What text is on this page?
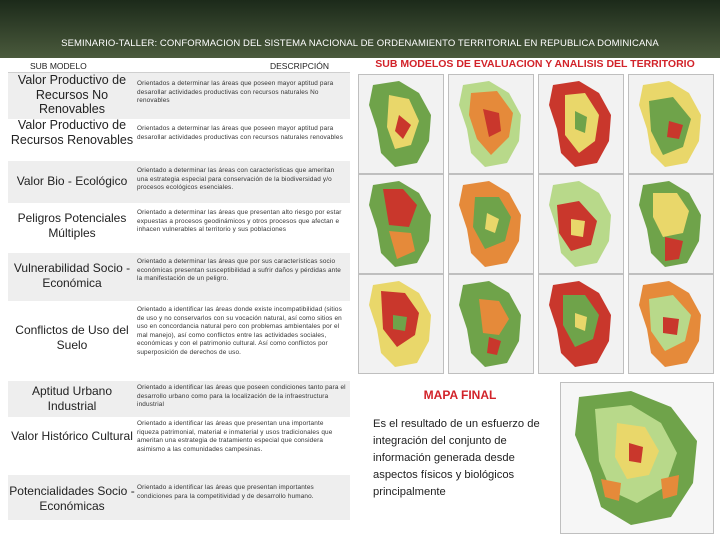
SEMINARIO-TALLER: CONFORMACION DEL SISTEMA NACIONAL DE ORDENAMIENTO TERRITORIAL EN REPUBLICA DOMINICANA
SUB MODELO	DESCRIPCIÓN
Valor Productivo de Recursos No Renovables
Orientados a determinar las áreas que poseen mayor aptitud para desarollar actividades productivas con recursos naturales No renovables
Valor Productivo de Recursos Renovables
Orientados a determinar las áreas que poseen mayor aptitud para desarollar actividades productivas con recursos naturales renovables
Valor Bio - Ecológico
Orientado a determinar las áreas con características que ameritan una estrategia especial para conservación de la biodiversidad y/o procesos ecológicos esenciales.
Peligros Potenciales Múltiples
Orientado a determinar las áreas que presentan alto riesgo por estar expuestas a procesos geodinámicos y otros procesos que afectan e inhacen vulnerables al territorio y sus poblaciones
Vulnerabilidad Socio - Económica
Orientado a determinar las áreas que por sus características socio económicas presentan susceptibilidad a sufrir daños y pérdidas ante la manifestación de un peligro.
Conflictos de Uso del Suelo
Orientado a identificar las áreas donde existe incompatibilidad (sitios de uso y no conservarlos con su vocación natural, así como sitios en uso en concordancia natural pero con problemas ambientales por el mal manejo), así como conflictos entre las actividades sociales, económicas y con el patrimonio cultural. Así como conflictos por superposición de derechos de uso.
Aptitud Urbano Industrial
Orientado a identificar las áreas que poseen condiciones tanto para el desarrollo urbano como para la localización de la infraestructura industrial
Valor Histórico Cultural
Orientado a identificar las áreas que presentan una importante riqueza patrimonial, material e inmaterial y usos tradicionales que ameritan una estrategia de tratamiento especial que considera asimismo a las comunidades campesinas.
Potencialidades Socio - Económicas
Orientado a identificar las áreas que presentan importantes condiciones para la competitividad y de desarrollo humano.
SUB MODELOS DE EVALUACION Y ANALISIS DEL TERRITORIO
MAPA FINAL
Es el resultado de un esfuerzo de integración del conjunto de información generada desde aspectos físicos y biológicos principalmente
